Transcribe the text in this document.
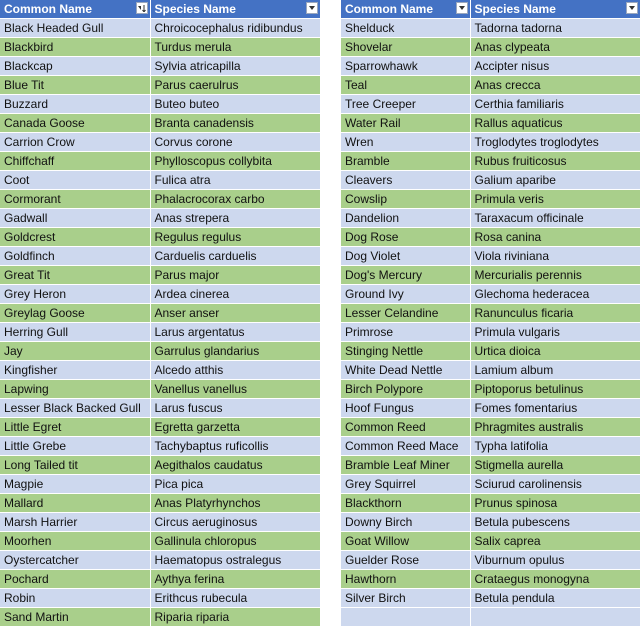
Common Name	Species Name

Black Headed Gull	Chroicocephalus ridibundus
Blackbird	Turdus merula
Blackcap	Sylvia atricapilla
Blue Tit	Parus caerulrus
Buzzard	Buteo buteo
Canada Goose	Branta canadensis
Carrion Crow	Corvus corone
Chiffchaff	Phylloscopus collybita
Coot	Fulica atra
Cormorant	Phalacrocorax carbo
Gadwall	Anas strepera
Goldcrest	Regulus regulus
Goldfinch	Carduelis carduelis
Great Tit	Parus major
Grey Heron	Ardea cinerea
Greylag Goose	Anser anser
Herring Gull	Larus argentatus
Jay	Garrulus glandarius
Kingfisher	Alcedo atthis
Lapwing	Vanellus vanellus
Lesser Black Backed Gull	Larus fuscus
Little Egret	Egretta garzetta
Little Grebe	Tachybaptus ruficollis
Long Tailed tit	Aegithalos caudatus
Magpie	Pica pica
Mallard	Anas Platyrhynchos
Marsh Harrier	Circus aeruginosus
Moorhen	Gallinula chloropus
Oystercatcher	Haematopus ostralegus
Pochard	Aythya ferina
Robin	Erithcus rubecula
Sand Martin	Riparia riparia
Common Name	Species Name

Shelduck	Tadorna tadorna
Shovelar	Anas clypeata
Sparrowhawk	Accipter nisus
Teal	Anas crecca
Tree Creeper	Certhia familiaris
Water Rail	Rallus aquaticus
Wren	Troglodytes troglodytes
Bramble	Rubus fruiticosus
Cleavers	Galium aparibe
Cowslip	Primula veris
Dandelion	Taraxacum officinale
Dog Rose	Rosa canina
Dog Violet	Viola riviniana
Dog's Mercury	Mercurialis perennis
Ground Ivy	Glechoma hederacea
Lesser Celandine	Ranunculus ficaria
Primrose	Primula vulgaris
Stinging Nettle	Urtica dioica
White Dead Nettle	Lamium album
Birch Polypore	Piptoporus betulinus
Hoof Fungus	Fomes fomentarius
Common Reed	Phragmites australis
Common Reed Mace	Typha latifolia
Bramble Leaf Miner	Stigmella aurella
Grey Squirrel	Sciurud carolinensis
Blackthorn	Prunus spinosa
Downy Birch	Betula pubescens
Goat Willow	Salix caprea
Guelder Rose	Viburnum opulus
Hawthorn	Crataegus monogyna
Silver Birch	Betula pendula
